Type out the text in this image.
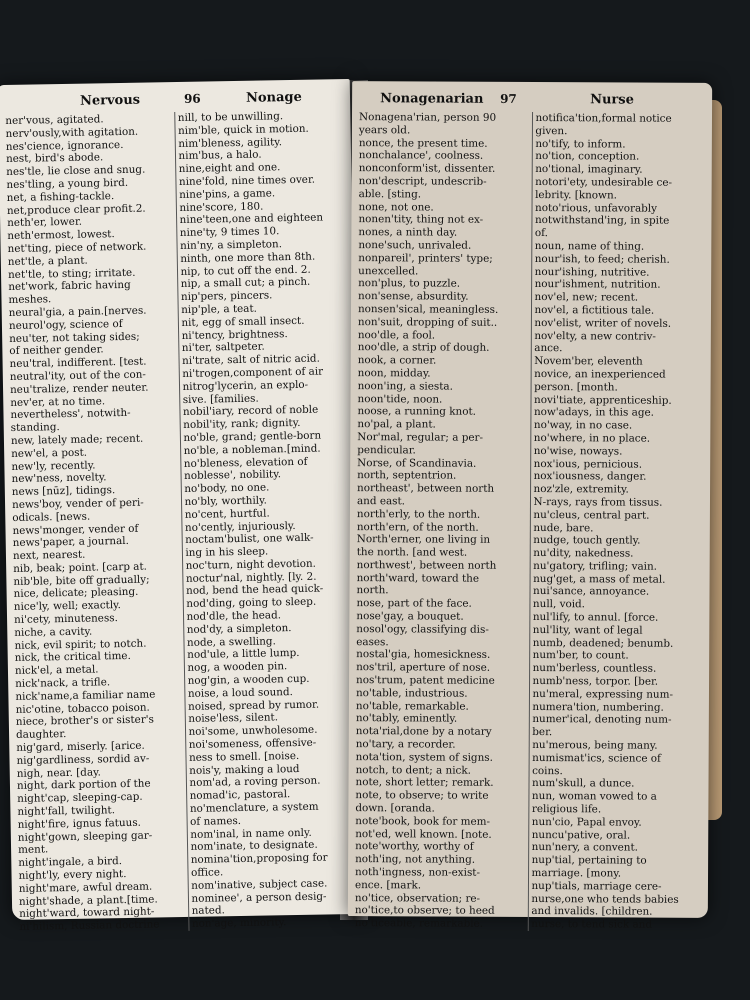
Nervous	96	Nonage
ner'vous, agitated.
nerv'ously,with agitation.
nes'cience, ignorance.
nest, bird's abode.
nes'tle, lie close and snug.
nes'tling, a young bird.
net, a fishing-tackle.
net,produce clear profit.2.
neth'er, lower.
neth'ermost, lowest.
net'ting, piece of network.
net'tle, a plant.
net'tle, to sting; irritate.
net'work, fabric having
meshes.
neural'gia, a pain.[nerves.
neurol'ogy, science of
neu'ter, not taking sides;
of neither gender.
neu'tral, indifferent. [test.
neutral'ity, out of the con-
neu'tralize, render neuter.
nev'er, at no time.
nevertheless', notwith-
standing.
new, lately made; recent.
new'el, a post.
new'ly, recently.
new'ness, novelty.
news [nūz], tidings.
news'boy, vender of peri-
odicals. [news.
news'monger, vender of
news'paper, a journal.
next, nearest.
nib, beak; point. [carp at.
nib'ble, bite off gradually;
nice, delicate; pleasing.
nice'ly, well; exactly.
ni'cety, minuteness.
niche, a cavity.
nick, evil spirit; to notch.
nick, the critical time.
nick'el, a metal.
nick'nack, a trifle.
nick'name,a familiar name
nic'otine, tobacco poison.
niece, brother's or sister's
daughter.
nig'gard, miserly. [arice.
nig'gardliness, sordid av-
nigh, near. [day.
night, dark portion of the
night'cap, sleeping-cap.
night'fall, twilight.
night'fire, ignus fatuus.
night'gown, sleeping gar-
ment.
night'ingale, a bird.
night'ly, every night.
night'mare, awful dream.
night'shade, a plant.[time.
night'ward, toward night-
ni'hilism, Russian doctrine
nill, to be unwilling.
nim'ble, quick in motion.
nim'bleness, agility.
nim'bus, a halo.
nine,eight and one.
nine'fold, nine times over.
nine'pins, a game.
nine'score, 180.
nine'teen,one and eighteen
nine'ty, 9 times 10.
nin'ny, a simpleton.
ninth, one more than 8th.
nip, to cut off the end. 2.
nip, a small cut; a pinch.
nip'pers, pincers.
nip'ple, a teat.
nit, egg of small insect.
ni'tency, brightness.
ni'ter, saltpeter.
ni'trate, salt of nitric acid.
ni'trogen,component of air
nitrog'lycerin, an explo-
sive. [families.
nobil'iary, record of noble
nobil'ity, rank; dignity.
no'ble, grand; gentle-born
no'ble, a nobleman.[mind.
no'bleness, elevation of
noblesse', nobility.
no'body, no one.
no'bly, worthily.
no'cent, hurtful.
no'cently, injuriously.
noctam'bulist, one walk-
ing in his sleep.
noc'turn, night devotion.
noctur'nal, nightly. [ly. 2.
nod, bend the head quick-
nod'ding, going to sleep.
nod'dle, the head.
nod'dy, a simpleton.
node, a swelling.
nod'ule, a little lump.
nog, a wooden pin.
nog'gin, a wooden cup.
noise, a loud sound.
noised, spread by rumor.
noise'less, silent.
noi'some, unwholesome.
noi'someness, offensive-
ness to smell. [noise.
nois'y, making a loud
nom'ad, a roving person.
nomad'ic, pastoral.
no'menclature, a system
of names.
nom'inal, in name only.
nom'inate, to designate.
nomina'tion,proposing for
office.
nom'inative, subject case.
nominee', a person desig-
nated.
non'age, minority.
Nonagenarian 97	Nurse
Nonagena'rian, person 90
years old.
nonce, the present time.
nonchalance', coolness.
nonconform'ist, dissenter.
non'descript, undescrib-
able. [sting.
none, not one.
nonen'tity, thing not ex-
nones, a ninth day.
none'such, unrivaled.
nonpareil', printers' type;
unexcelled.
non'plus, to puzzle.
non'sense, absurdity.
nonsen'sical, meaningless.
non'suit, dropping of suit..
noo'dle, a fool.
noo'dle, a strip of dough.
nook, a corner.
noon, midday.
noon'ing, a siesta.
noon'tide, noon.
noose, a running knot.
no'pal, a plant.
Nor'mal, regular; a per-
pendicular.
Norse, of Scandinavia.
north, septentrion.
northeast', between north
and east.
north'erly, to the north.
north'ern, of the north.
North'erner, one living in
the north. [and west.
northwest', between north
north'ward, toward the
north.
nose, part of the face.
nose'gay, a bouquet.
nosol'ogy, classifying dis-
eases.
nostal'gia, homesickness.
nos'tril, aperture of nose.
nos'trum, patent medicine
no'table, industrious.
no'table, remarkable.
no'tably, eminently.
nota'rial,done by a notary
no'tary, a recorder.
nota'tion, system of signs.
notch, to dent; a nick.
note, short letter; remark.
note, to observe; to write
down. [oranda.
note'book, book for mem-
not'ed, well known. [note.
note'worthy, worthy of
noth'ing, not anything.
noth'ingness, non-exist-
ence. [mark.
no'tice, observation; re-
no'tice,to observe; to heed
no'ticeable, remarkable.
notifica'tion,formal notice
given.
no'tify, to inform.
no'tion, conception.
no'tional, imaginary.
notori'ety, undesirable ce-
lebrity. [known.
noto'rious, unfavorably
notwithstand'ing, in spite
of.
noun, name of thing.
nour'ish, to feed; cherish.
nour'ishing, nutritive.
nour'ishment, nutrition.
nov'el, new; recent.
nov'el, a fictitious tale.
nov'elist, writer of novels.
nov'elty, a new contriv-
ance.
Novem'ber, eleventh
novice, an inexperienced
person. [month.
novi'tiate, apprenticeship.
now'adays, in this age.
no'way, in no case.
no'where, in no place.
no'wise, noways.
nox'ious, pernicious.
nox'iousness, danger.
noz'zle, extremity.
N-rays, rays from tissus.
nu'cleus, central part.
nude, bare.
nudge, touch gently.
nu'dity, nakedness.
nu'gatory, trifling; vain.
nug'get, a mass of metal.
nui'sance, annoyance.
null, void.
nul'lify, to annul. [force.
nul'lity, want of legal
numb, deadened; benumb.
num'ber, to count.
num'berless, countless.
numb'ness, torpor. [ber.
nu'meral, expressing num-
numera'tion, numbering.
numer'ical, denoting num-
ber.
nu'merous, being many.
numismat'ics, science of
coins.
num'skull, a dunce.
nun, woman vowed to a
religious life.
nun'cio, Papal envoy.
nuncu'pative, oral.
nun'nery, a convent.
nup'tial, pertaining to
marriage. [mony.
nup'tials, marriage cere-
nurse,one who tends babies
and invalids. [children.
nurse, to tend sick and
